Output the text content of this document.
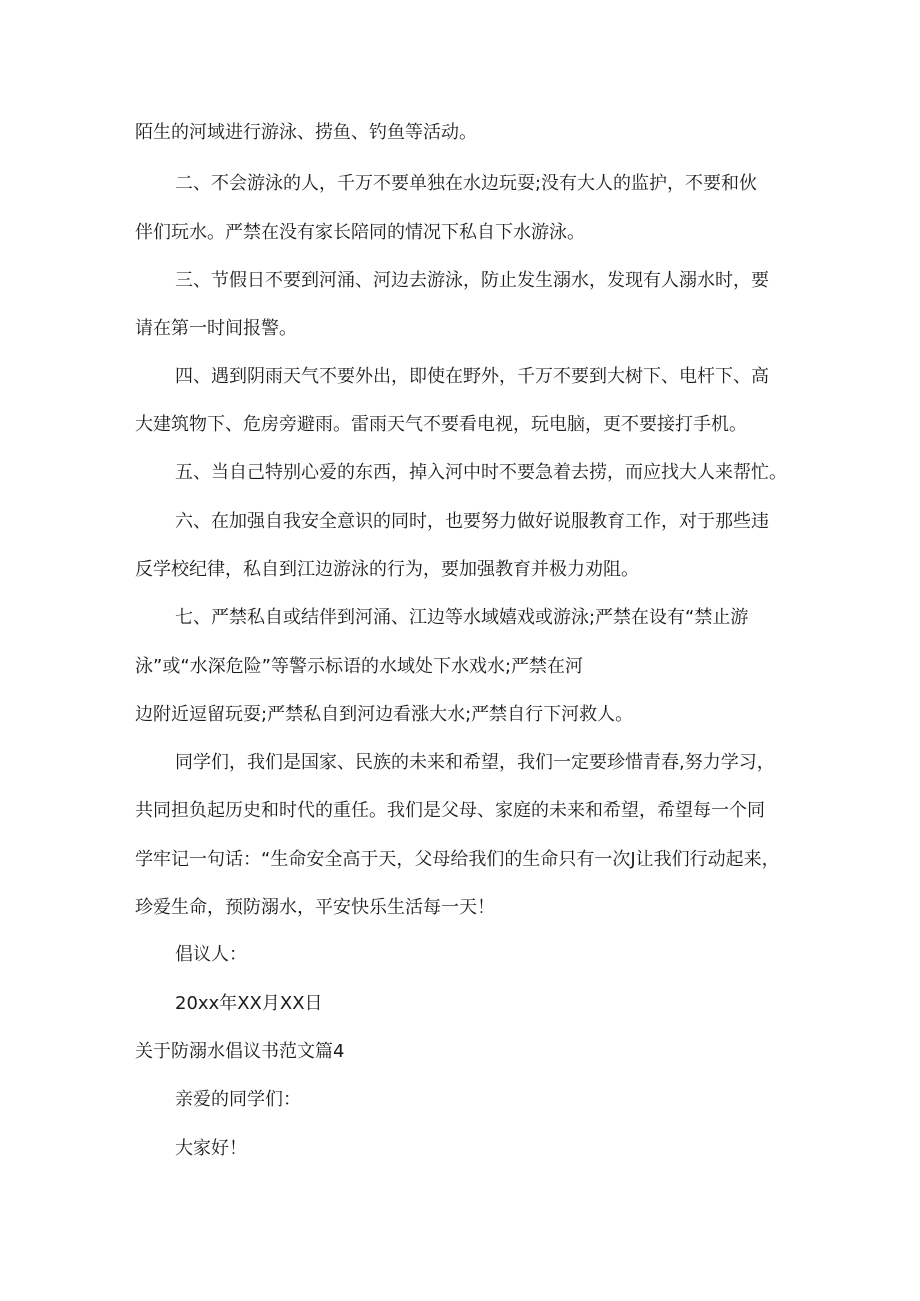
陌生的河域进行游泳、捞鱼、钓鱼等活动。
二、不会游泳的人，千万不要单独在水边玩耍;没有大人的监护，不要和伙
伴们玩水。严禁在没有家长陪同的情况下私自下水游泳。
三、节假日不要到河涌、河边去游泳，防止发生溺水，发现有人溺水时，要
请在第一时间报警。
四、遇到阴雨天气不要外出，即使在野外，千万不要到大树下、电杆下、高
大建筑物下、危房旁避雨。雷雨天气不要看电视，玩电脑，更不要接打手机。
五、当自己特别心爱的东西，掉入河中时不要急着去捞，而应找大人来帮忙。
六、在加强自我安全意识的同时，也要努力做好说服教育工作，对于那些违
反学校纪律，私自到江边游泳的行为，要加强教育并极力劝阻。
七、严禁私自或结伴到河涌、江边等水域嬉戏或游泳;严禁在设有“禁止游
泳”或“水深危险”等警示标语的水域处下水戏水;严禁在河
边附近逗留玩耍;严禁私自到河边看涨大水;严禁自行下河救人。
同学们，我们是国家、民族的未来和希望，我们一定要珍惜青春,努力学习，
共同担负起历史和时代的重任。我们是父母、家庭的未来和希望，希望每一个同
学牢记一句话：“生命安全高于天，父母给我们的生命只有一次J让我们行动起来，
珍爱生命，预防溺水，平安快乐生活每一天！
倡议人：
20xx年XX月XX日
关于防溺水倡议书范文篇4
亲爱的同学们：
大家好！
